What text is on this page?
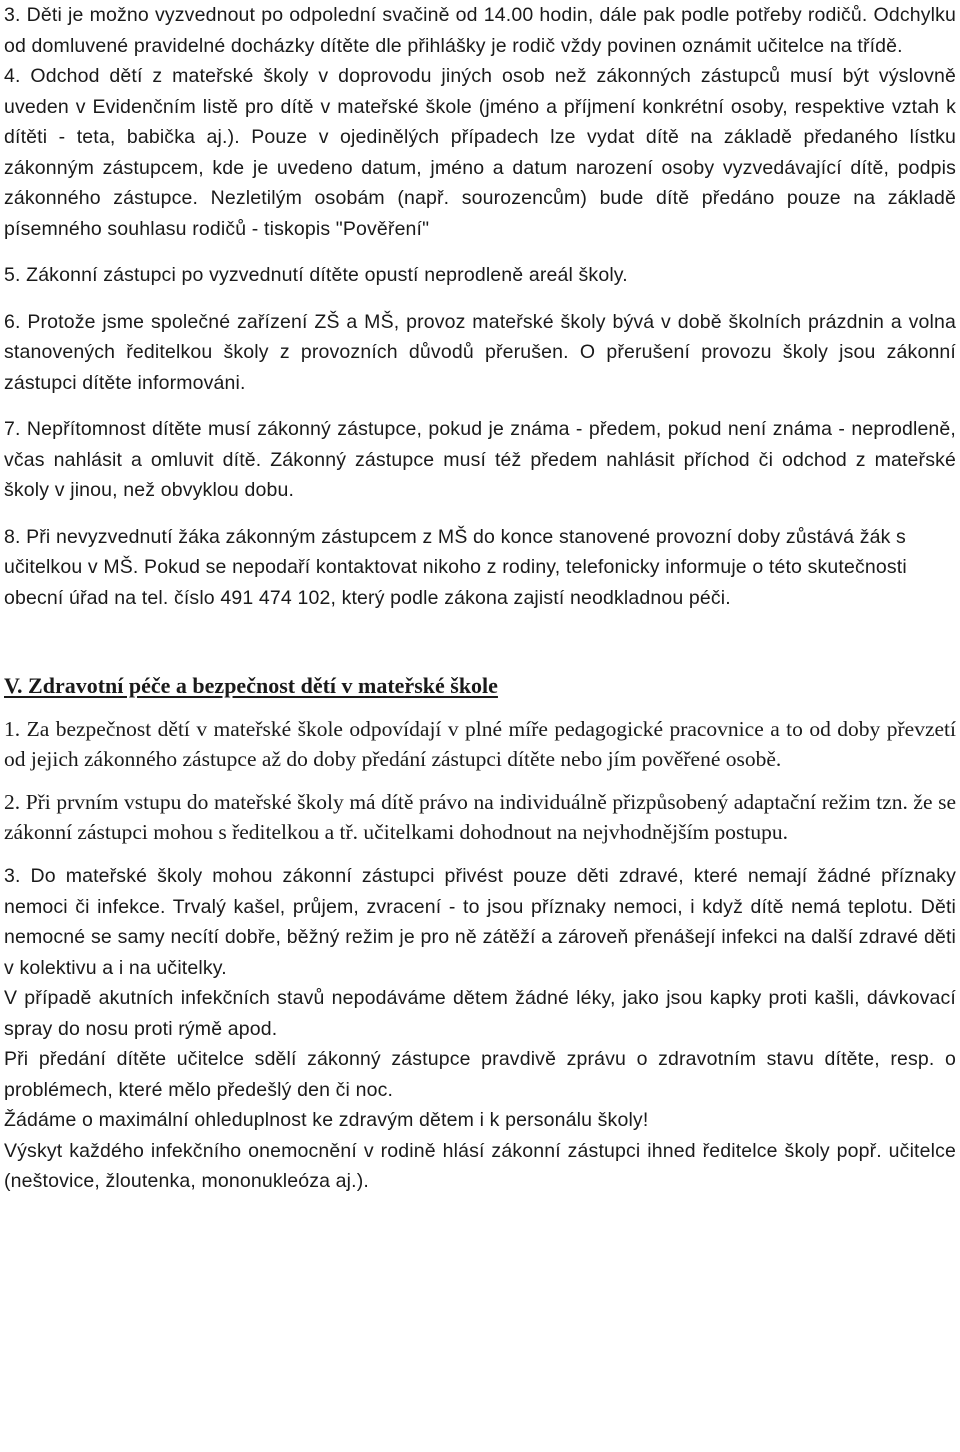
3. Děti je možno vyzvednout po odpolední svačině od 14.00 hodin, dále pak podle potřeby rodičů. Odchylku od domluvené pravidelné docházky dítěte dle přihlášky je rodič vždy povinen oznámit učitelce na třídě.

4. Odchod dětí z mateřské školy v doprovodu jiných osob než zákonných zástupců musí být výslovně uveden v Evidenčním listě pro dítě v mateřské škole (jméno a příjmení konkrétní osoby, respektive vztah k dítěti - teta, babička aj.). Pouze v ojedinělých případech lze vydat dítě na základě předaného lístku zákonným zástupcem, kde je uvedeno datum, jméno a datum narození osoby vyzvedávající dítě, podpis zákonného zástupce. Nezletilým osobám (např. sourozencům) bude dítě předáno pouze na základě písemného souhlasu rodičů - tiskopis "Pověření"

5. Zákonní zástupci po vyzvednutí dítěte opustí neprodleně areál školy.

6. Protože jsme společné zařízení ZŠ a MŠ, provoz mateřské školy bývá v době školních prázdnin a volna stanovených ředitelkou školy z provozních důvodů přerušen. O přerušení provozu školy jsou zákonní zástupci dítěte informováni.

7. Nepřítomnost dítěte musí zákonný zástupce, pokud je známa - předem, pokud není známa - neprodleně, včas nahlásit a omluvit dítě. Zákonný zástupce musí též předem nahlásit příchod či odchod z mateřské školy v jinou, než obvyklou dobu.

8. Při nevyzvednutí žáka zákonným zástupcem z MŠ do konce stanovené provozní doby zůstává žák s učitelkou v MŠ. Pokud se nepodaří kontaktovat nikoho z rodiny, telefonicky informuje o této skutečnosti obecní úřad na tel. číslo 491 474 102, který podle zákona zajistí neodkladnou péči.

V. Zdravotní péče a bezpečnost dětí v mateřské škole

1. Za bezpečnost dětí v mateřské škole odpovídají v plné míře pedagogické pracovnice a to od doby převzetí od jejich zákonného zástupce až do doby předání zástupci dítěte nebo jím pověřené osobě.

2. Při prvním vstupu do mateřské školy má dítě právo na individuálně přizpůsobený adaptační režim tzn. že se zákonní zástupci mohou s ředitelkou a tř. učitelkami dohodnout na nejvhodnějším postupu.

3. Do mateřské školy mohou zákonní zástupci přivést pouze děti zdravé, které nemají žádné příznaky nemoci či infekce. Trvalý kašel, průjem, zvracení - to jsou příznaky nemoci, i když dítě nemá teplotu. Děti nemocné se samy necítí dobře, běžný režim je pro ně zátěží a zároveň přenášejí infekci na další zdravé děti v kolektivu a i na učitelky.

V případě akutních infekčních stavů nepodáváme dětem žádné léky, jako jsou kapky proti kašli, dávkovací spray do nosu proti rýmě apod.

Při předání dítěte učitelce sdělí zákonný zástupce pravdivě zprávu o zdravotním stavu dítěte, resp. o problémech, které mělo předešlý den či noc.

Žádáme o maximální ohleduplnost ke zdravým dětem i k personálu školy!

Výskyt každého infekčního onemocnění v rodině hlásí zákonní zástupci ihned ředitelce školy popř. učitelce (neštovice, žloutenka, mononukleóza aj.).
